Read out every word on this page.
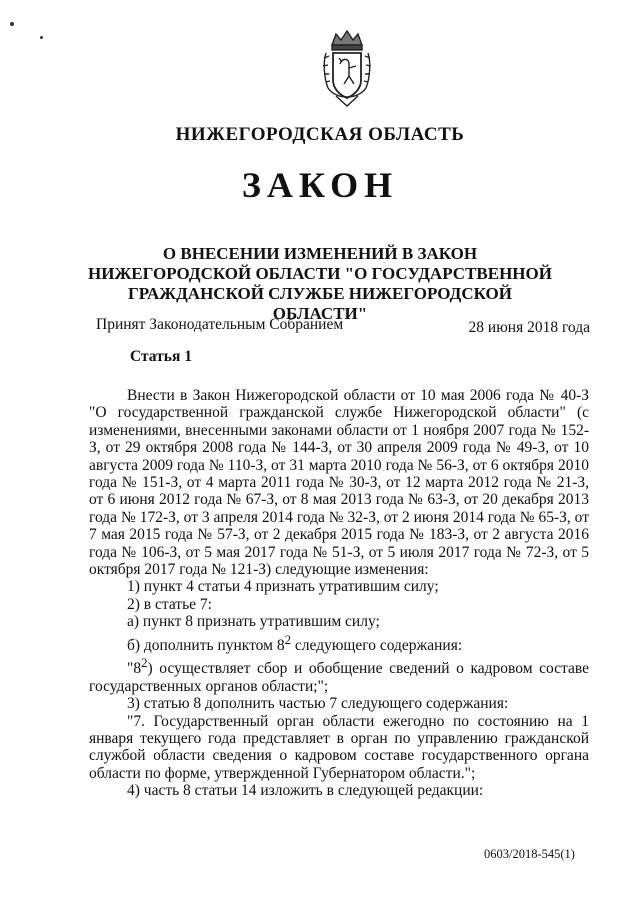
НИЖЕГОРОДСКАЯ ОБЛАСТЬ
ЗАКОН
О ВНЕСЕНИИ ИЗМЕНЕНИЙ В ЗАКОН НИЖЕГОРОДСКОЙ ОБЛАСТИ "О ГОСУДАРСТВЕННОЙ ГРАЖДАНСКОЙ СЛУЖБЕ НИЖЕГОРОДСКОЙ ОБЛАСТИ"
Принят Законодательным Собранием	28 июня 2018 года
Статья 1

Внести в Закон Нижегородской области от 10 мая 2006 года № 40-З "О государственной гражданской службе Нижегородской области" (с изменениями, внесенными законами области от 1 ноября 2007 года № 152-З, от 29 октября 2008 года № 144-З, от 30 апреля 2009 года № 49-З, от 10 августа 2009 года № 110-З, от 31 марта 2010 года № 56-З, от 6 октября 2010 года № 151-З, от 4 марта 2011 года № 30-З, от 12 марта 2012 года № 21-З, от 6 июня 2012 года № 67-З, от 8 мая 2013 года № 63-З, от 20 декабря 2013 года № 172-З, от 3 апреля 2014 года № 32-З, от 2 июня 2014 года № 65-З, от 7 мая 2015 года № 57-З, от 2 декабря 2015 года № 183-З, от 2 августа 2016 года № 106-З, от 5 мая 2017 года № 51-З, от 5 июля 2017 года № 72-З, от 5 октября 2017 года № 121-З) следующие изменения:

1) пункт 4 статьи 4 признать утратившим силу;

2) в статье 7:

а) пункт 8 признать утратившим силу;

б) дополнить пунктом $8^2$ следующего содержания:

"$8^2$) осуществляет сбор и обобщение сведений о кадровом составе государственных органов области;";

3) статью 8 дополнить частью 7 следующего содержания:

"7. Государственный орган области ежегодно по состоянию на 1 января текущего года представляет в орган по управлению гражданской службой области сведения о кадровом составе государственного органа области по форме, утвержденной Губернатором области.";

4) часть 8 статьи 14 изложить в следующей редакции:

0603/2018-545(1)
